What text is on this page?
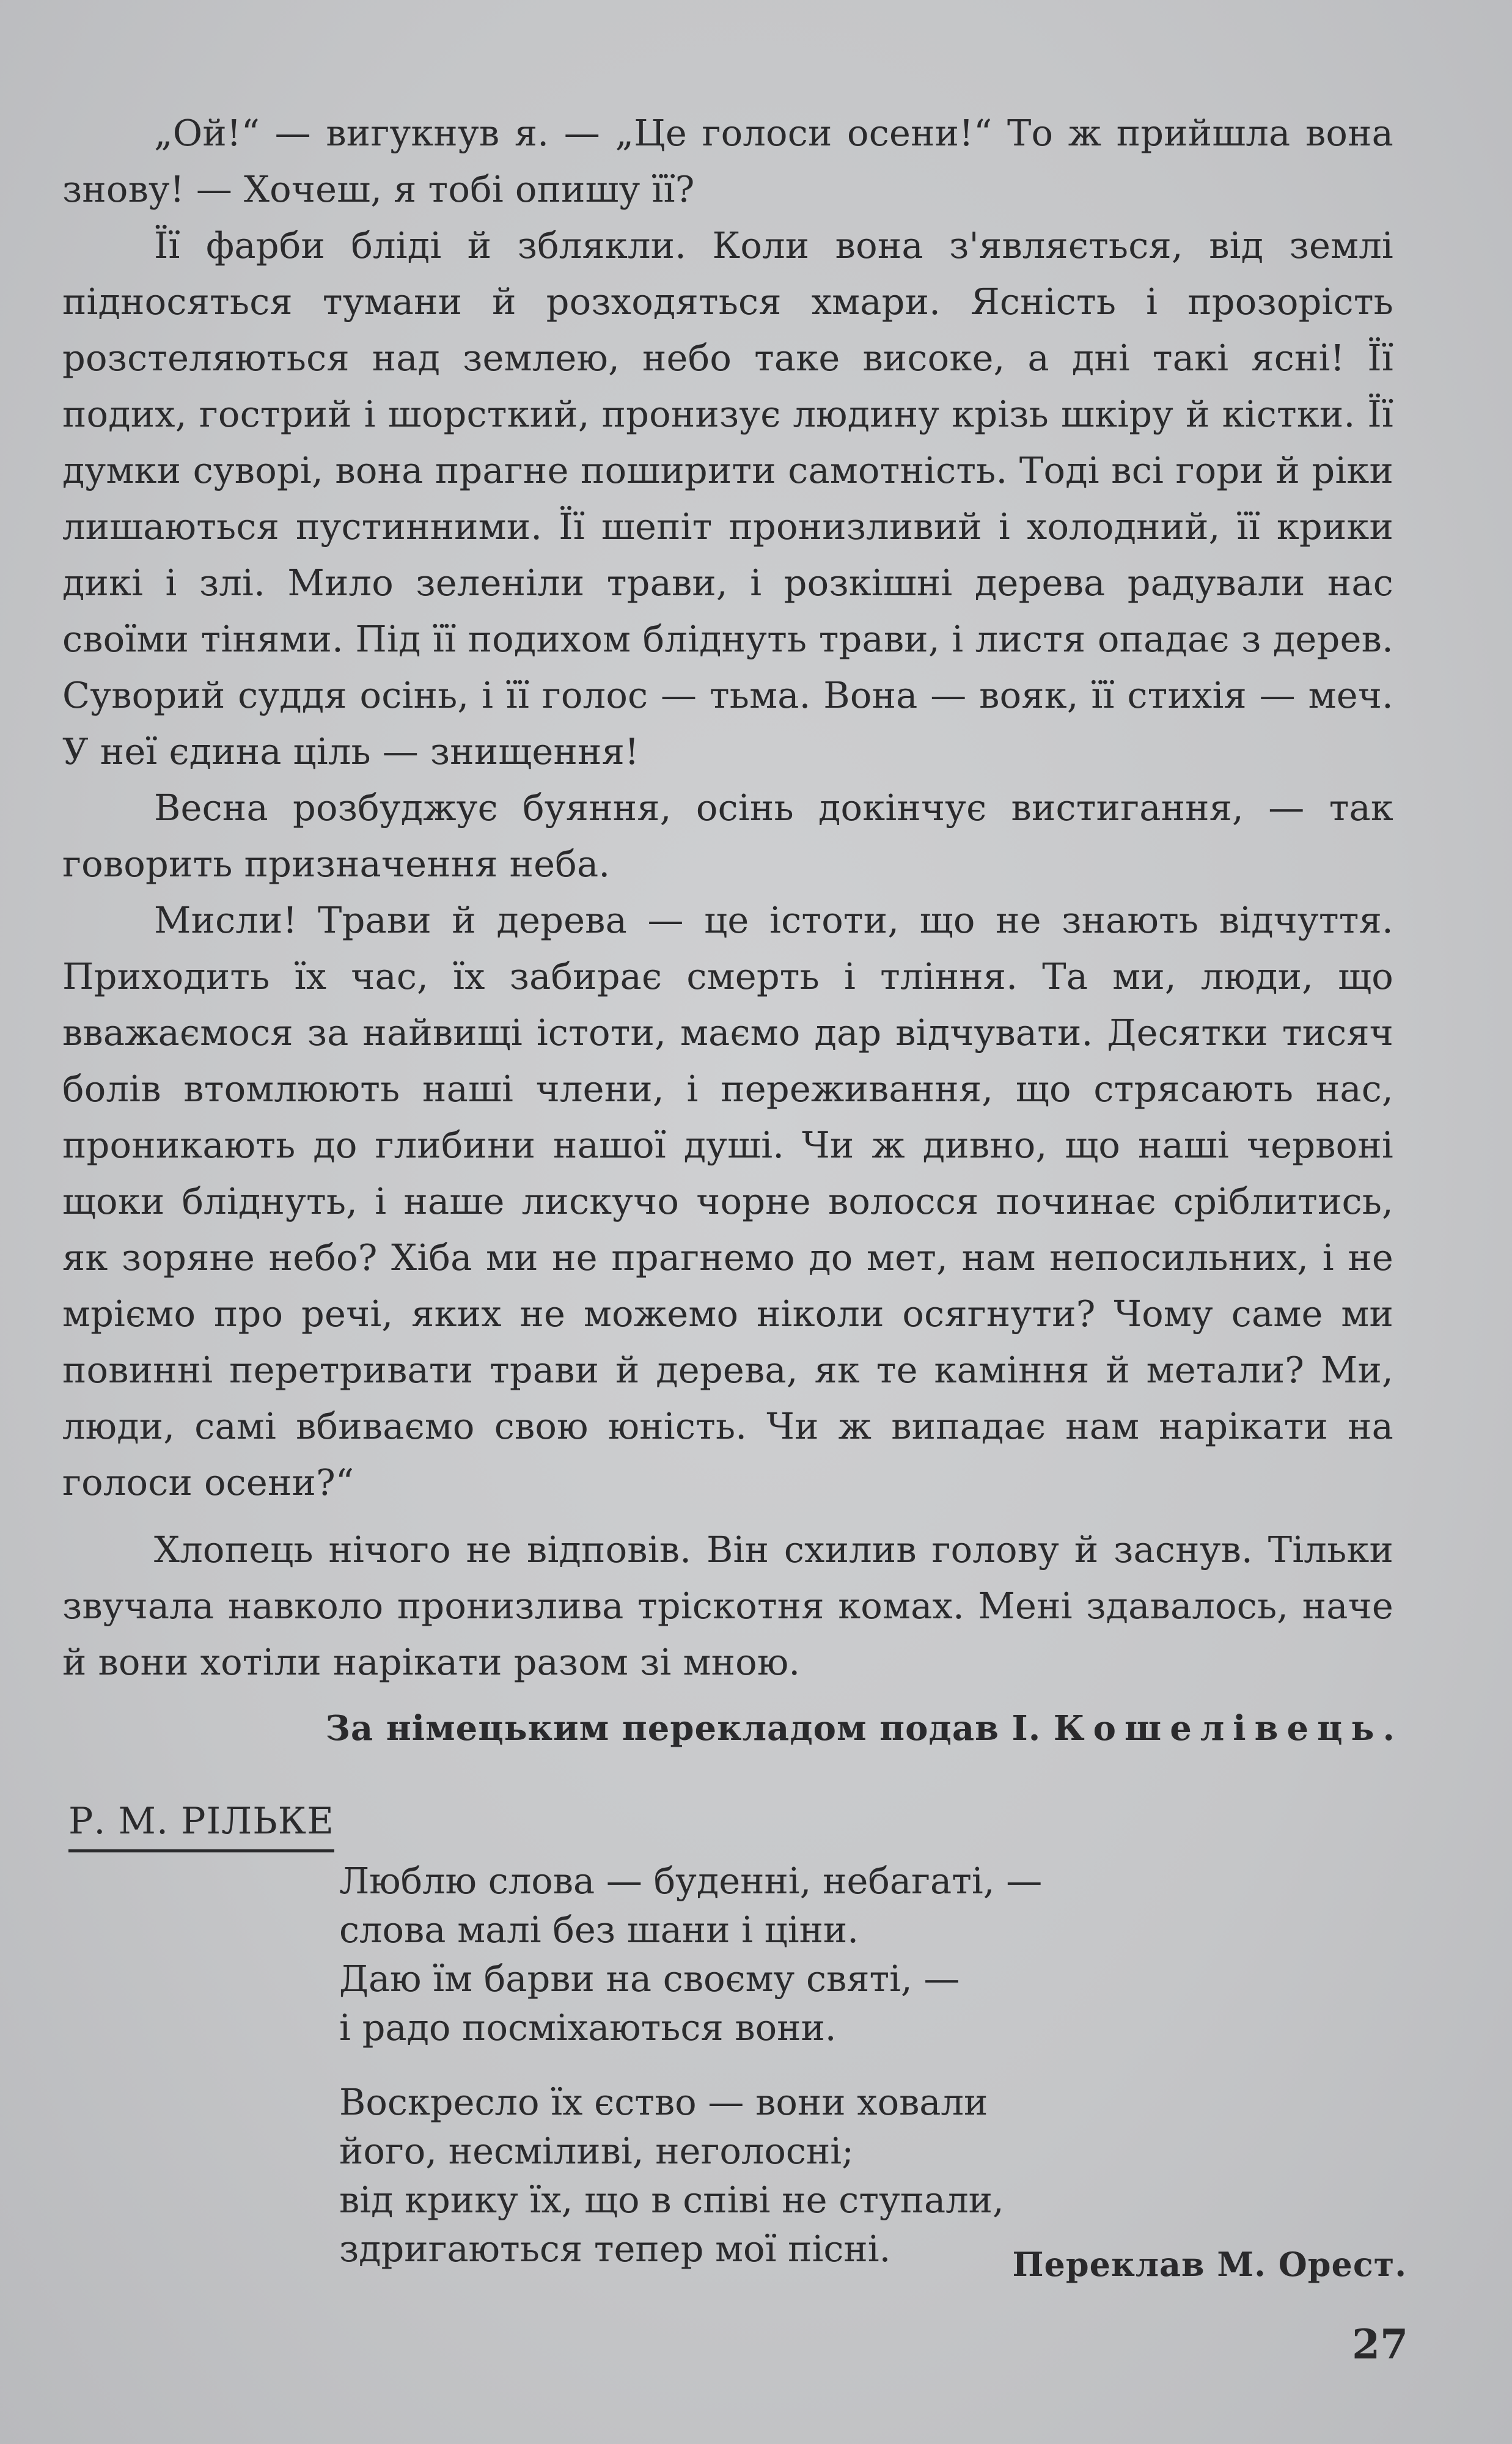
„Ой!“ — вигукнув я. — „Це голоси осени!“ То ж прийшла вона знову! — Хочеш, я тобі опишу її?

Її фарби бліді й зблякли. Коли вона з'являється, від землі підносяться тумани й розходяться хмари. Ясність і прозорість розстеляються над землею, небо таке високе, а дні такі ясні! Її подих, гострий і шорсткий, пронизує людину крізь шкіру й кістки. Її думки суворі, вона прагне поширити самотність. Тоді всі гори й ріки лишаються пустинними. Її шепіт пронизливий і холодний, її крики дикі і злі. Мило зеленіли трави, і розкішні дерева радували нас своїми тінями. Під її подихом бліднуть трави, і листя опадає з дерев. Суворий суддя осінь, і її голос — тьма. Вона — вояк, її стихія — меч. У неї єдина ціль — знищення!

Весна розбуджує буяння, осінь докінчує вистигання, — так говорить призначення неба.

Мисли! Трави й дерева — це істоти, що не знають відчуття. Приходить їх час, їх забирає смерть і тління. Та ми, люди, що вважаємося за найвищі істоти, маємо дар відчувати. Десятки тисяч болів втомлюють наші члени, і переживання, що стрясають нас, проникають до глибини нашої душі. Чи ж дивно, що наші червоні щоки бліднуть, і наше лискучо чорне волосся починає сріблитись, як зоряне небо? Хіба ми не прагнемо до мет, нам непосильних, і не мріємо про речі, яких не можемо ніколи осягнути? Чому саме ми повинні перетривати трави й дерева, як те каміння й метали? Ми, люди, самі вбиваємо свою юність. Чи ж випадає нам нарікати на голоси осени?“

Хлопець нічого не відповів. Він схилив голову й заснув. Тільки звучала навколо пронизлива тріскотня комах. Мені здавалось, наче й вони хотіли нарікати разом зі мною.

За німецьким перекладом подав І. Кошелівець.
Р. М. РІЛЬКЕ
Люблю слова — буденні, небагаті, —
слова малі без шани і ціни.
Даю їм барви на своєму святі, —
і радо посміхаються вони.
Воскресло їх єство — вони ховали
його, несміливі, неголосні;
від крику їх, що в співі не ступали,
здригаються тепер мої пісні.	Переклав М. Орест.
27
